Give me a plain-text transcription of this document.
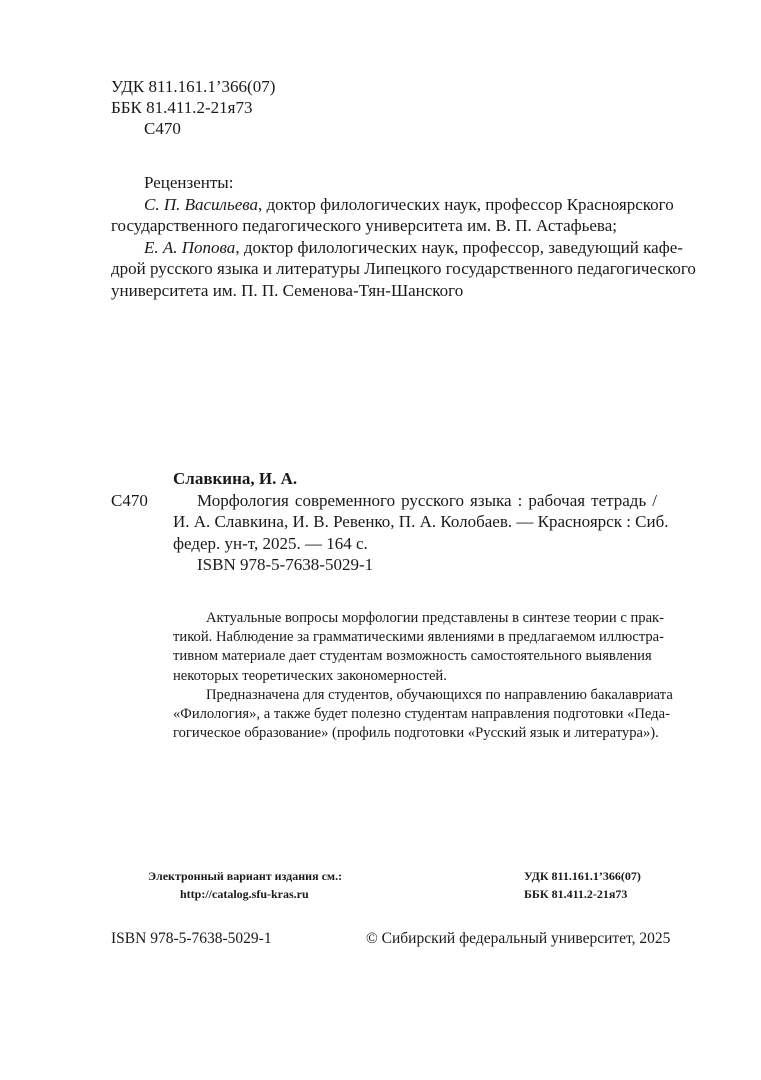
УДК 811.161.1’366(07)
ББК 81.411.2-21я73
С470
Рецензенты:
С. П. Васильева, доктор филологических наук, профессор Красноярского
государственного педагогического университета им. В. П. Астафьева;
Е. А. Попова, доктор филологических наук, профессор, заведующий кафе-
дрой русского языка и литературы Липецкого государственного педагогического
университета им. П. П. Семенова-Тян-Шанского
Славкина, И. А.
С470	Морфология современного русского языка : рабочая тетрадь /
И. А. Славкина, И. В. Ревенко, П. А. Колобаев. — Красноярск : Сиб.
федер. ун-т, 2025. — 164 с.
ISBN 978-5-7638-5029-1
Актуальные вопросы морфологии представлены в синтезе теории с прак-
тикой. Наблюдение за грамматическими явлениями в предлагаемом иллюстра-
тивном материале дает студентам возможность самостоятельного выявления
некоторых теоретических закономерностей.
Предназначена для студентов, обучающихся по направлению бакалавриата
«Филология», а также будет полезно студентам направления подготовки «Педа-
гогическое образование» (профиль подготовки «Русский язык и литература»).
Электронный вариант издания см.:
http://catalog.sfu-kras.ru
УДК 811.161.1’366(07)
ББК 81.411.2-21я73
ISBN 978-5-7638-5029-1	© Сибирский федеральный университет, 2025
